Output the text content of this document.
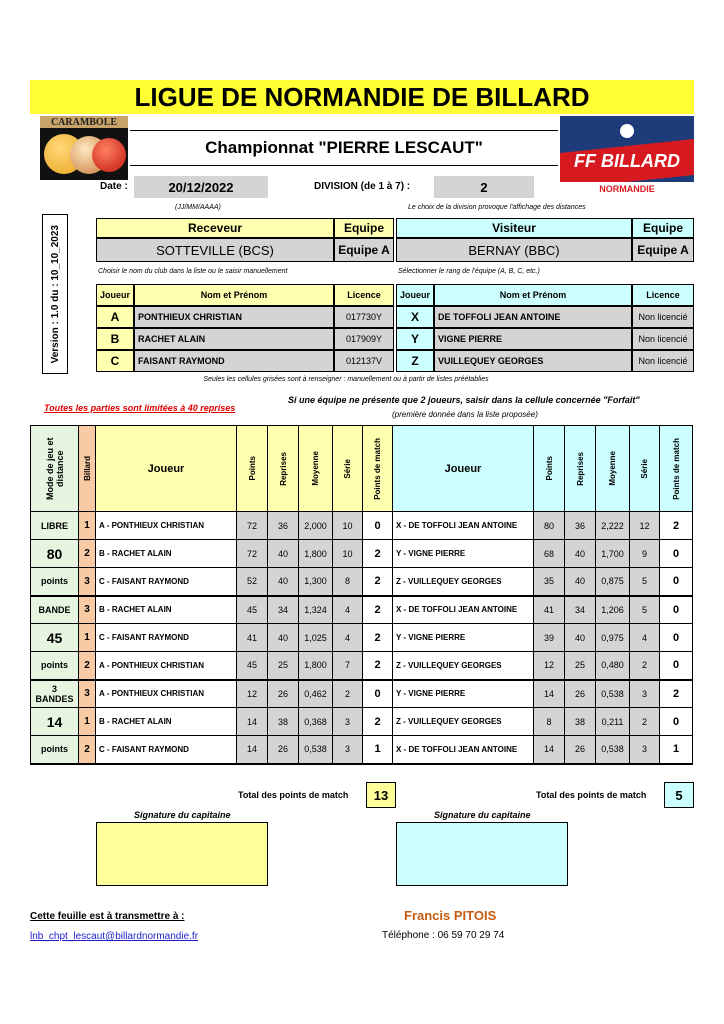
LIGUE DE NORMANDIE DE BILLARD
CARAMBOLE
Championnat "PIERRE LESCAUT"
FF BILLARD
NORMANDIE
Date :	20/12/2022	DIVISION (de 1 à 7) :	2
(JJ/MM/AAAA)	Le choix de la division provoque l'affichage des distances
Version : 1.0 du : 10_10_2023	Receveur	Equipe	Visiteur	Equipe
SOTTEVILLE (BCS)	Equipe A	BERNAY (BBC)	Equipe A
Choisir le nom du club dans la liste ou le saisir manuellement	Sélectionner le rang de l'équipe (A, B, C, etc.)
Joueur	Nom et Prénom	Licence	Joueur	Nom et Prénom	Licence
A	PONTHIEUX CHRISTIAN	017730Y	X	DE TOFFOLI JEAN ANTOINE	Non licencié
B	RACHET ALAIN	017909Y	Y	VIGNE PIERRE	Non licencié
C	FAISANT RAYMOND	012137V	Z	VUILLEQUEY GEORGES	Non licencié
Seules les cellules grisées sont à renseigner : manuellement ou à partir de listes préétablies
Toutes les parties sont limitées à 40 reprises
Si une équipe ne présente que 2 joueurs, saisir dans la cellule concernée "Forfait"
(première donnée dans la liste proposée)
Mode de jeu et distance	Billard	Joueur	Points	Reprises	Moyenne	Série	Points de match	Joueur	Points	Reprises	Moyenne	Série	Points de match

LIBRE	1	A - PONTHIEUX CHRISTIAN	72	36	2,000	10	0	X - DE TOFFOLI JEAN ANTOINE	80	36	2,222	12	2
80	2	B - RACHET ALAIN	72	40	1,800	10	2	Y - VIGNE PIERRE	68	40	1,700	9	0
points	3	C - FAISANT RAYMOND	52	40	1,300	8	2	Z - VUILLEQUEY GEORGES	35	40	0,875	5	0
BANDE	3	B - RACHET ALAIN	45	34	1,324	4	2	X - DE TOFFOLI JEAN ANTOINE	41	34	1,206	5	0
45	1	C - FAISANT RAYMOND	41	40	1,025	4	2	Y - VIGNE PIERRE	39	40	0,975	4	0
points	2	A - PONTHIEUX CHRISTIAN	45	25	1,800	7	2	Z - VUILLEQUEY GEORGES	12	25	0,480	2	0
3 BANDES	3	A - PONTHIEUX CHRISTIAN	12	26	0,462	2	0	Y - VIGNE PIERRE	14	26	0,538	3	2
14	1	B - RACHET ALAIN	14	38	0,368	3	2	Z - VUILLEQUEY GEORGES	8	38	0,211	2	0
points	2	C - FAISANT RAYMOND	14	26	0,538	3	1	X - DE TOFFOLI JEAN ANTOINE	14	26	0,538	3	1
Total des points de match	13	Total des points de match	5
Signature du capitaine	Signature du capitaine
Cette feuille est à transmettre à :
lnb_chpt_lescaut@billardnormandie.fr
Francis PITOIS
Téléphone : 06 59 70 29 74
